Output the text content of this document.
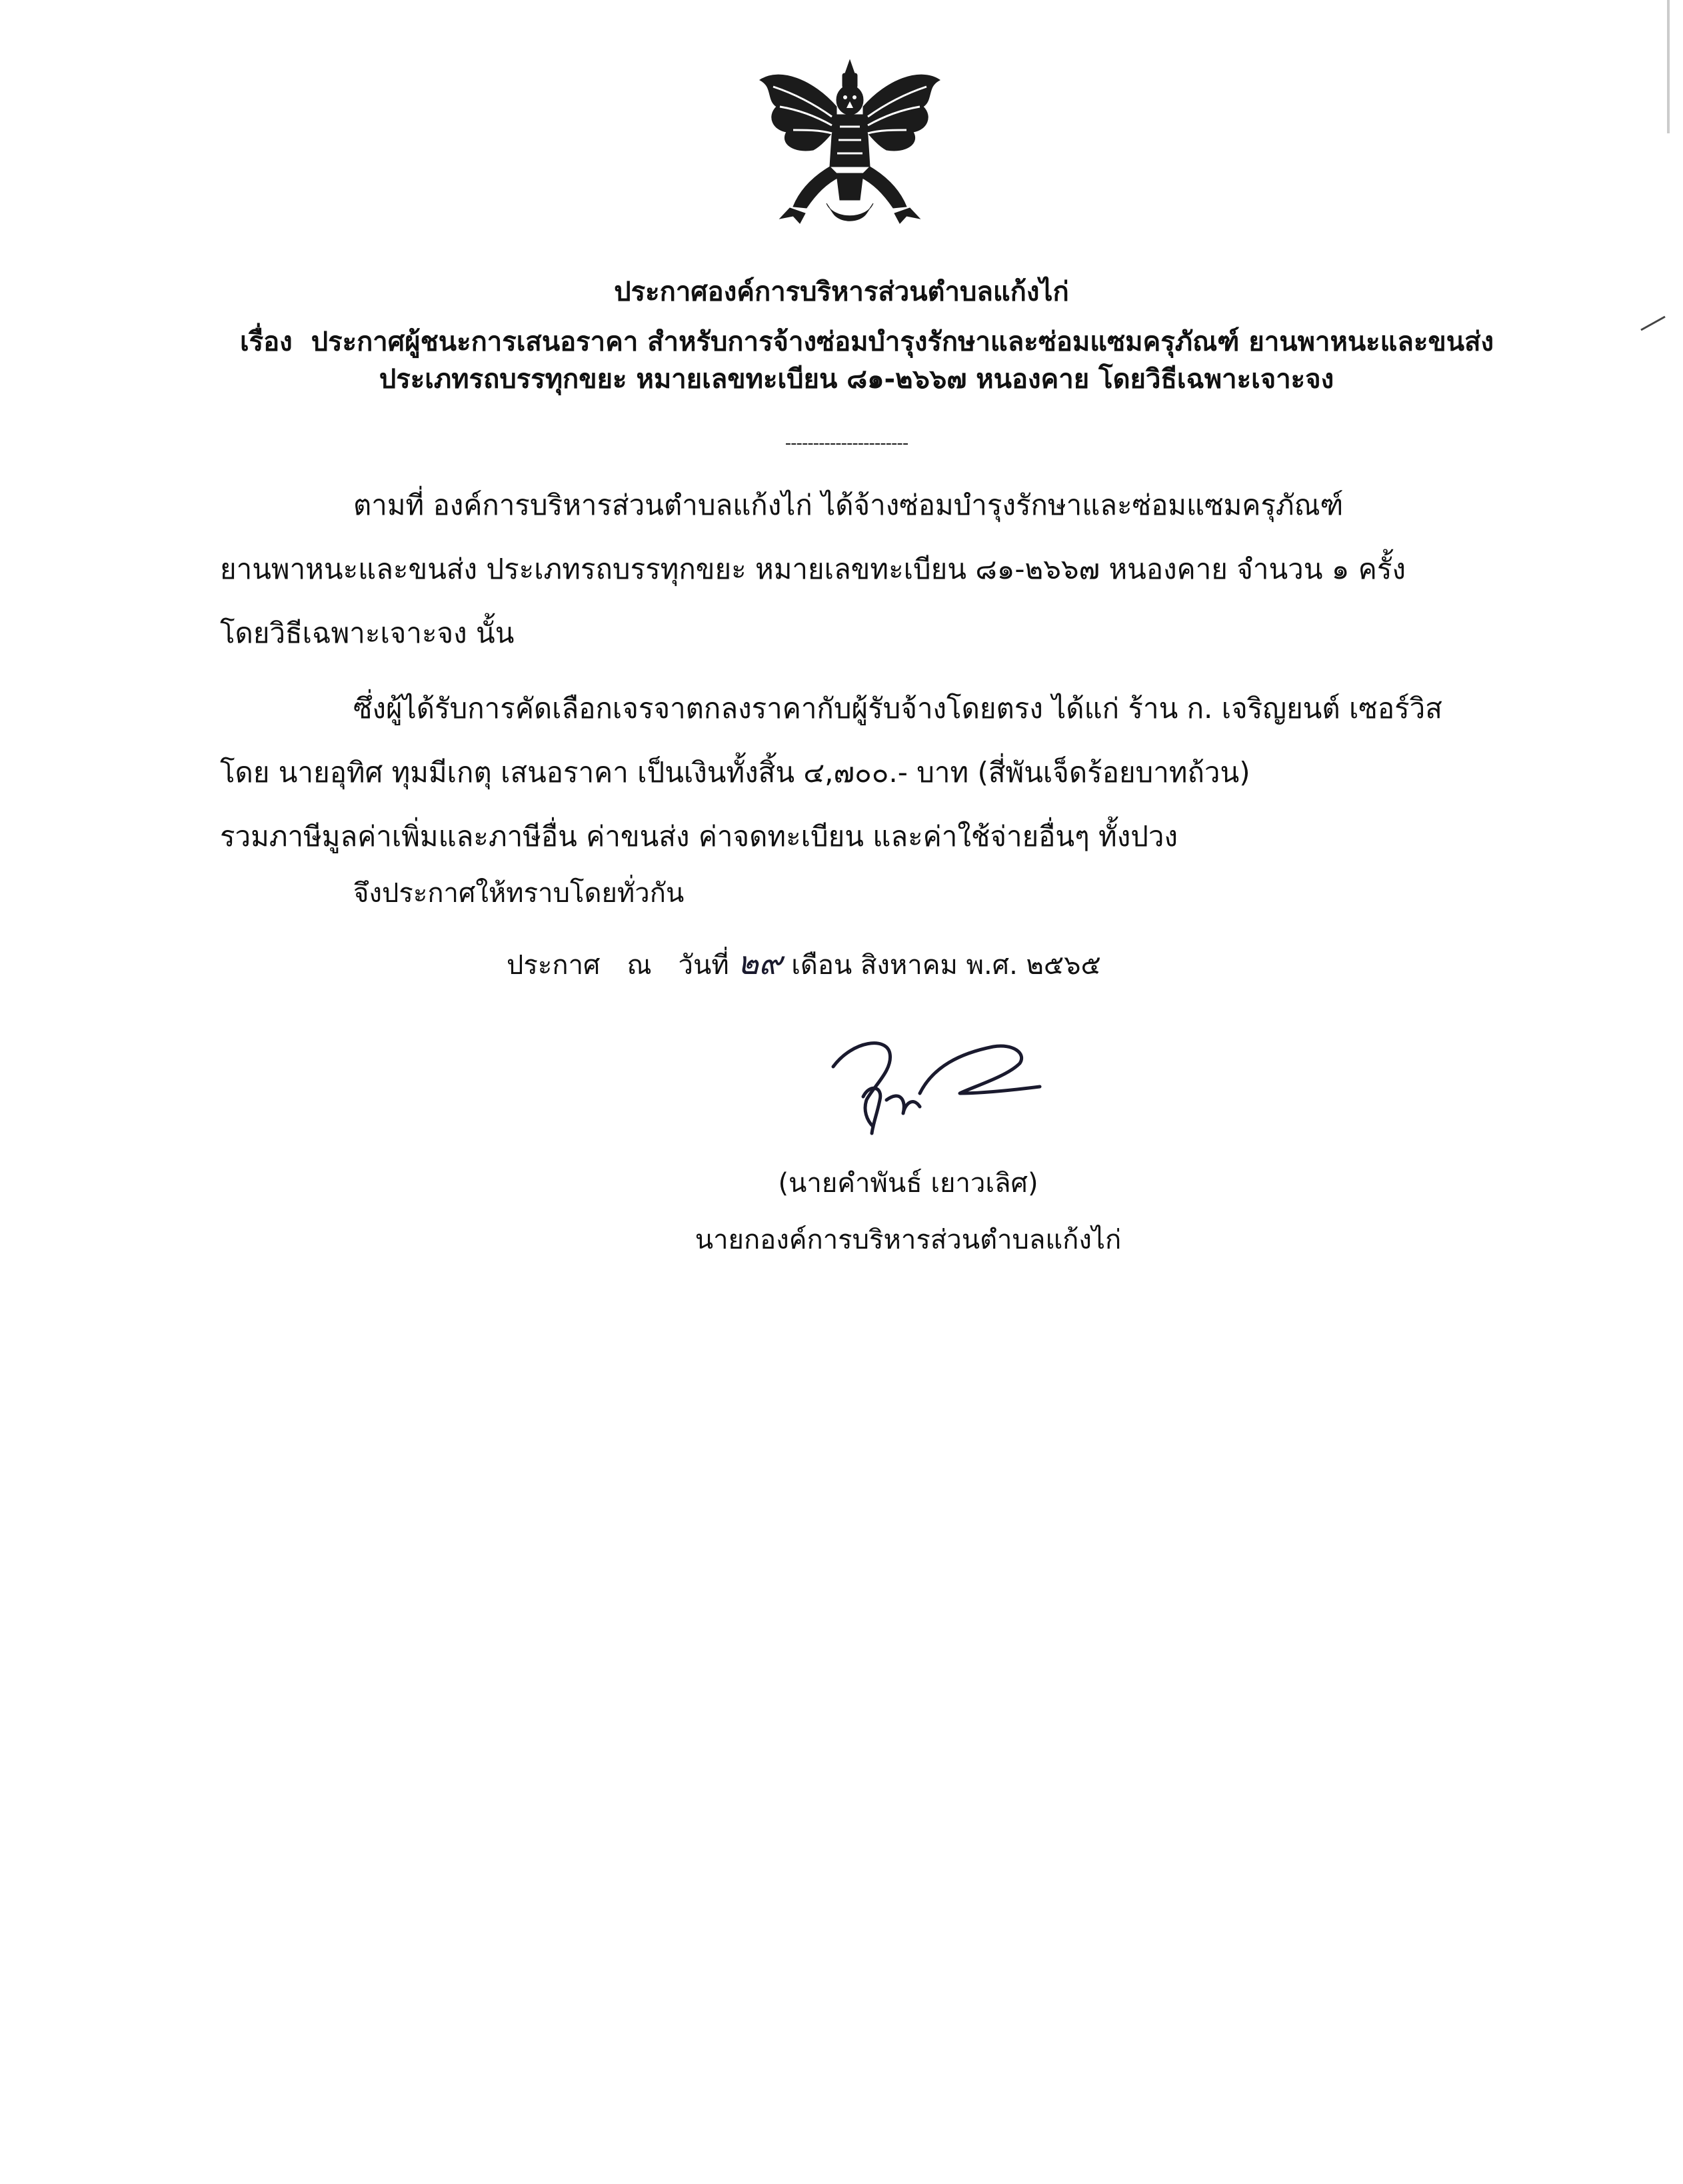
ประกาศองค์การบริหารส่วนตำบลแก้งไก่
เรื่อง ประกาศผู้ชนะการเสนอราคา สำหรับการจ้างซ่อมบำรุงรักษาและซ่อมแซมครุภัณฑ์ ยานพาหนะและขนส่ง
ประเภทรถบรรทุกขยะ หมายเลขทะเบียน ๘๑-๒๖๖๗ หนองคาย โดยวิธีเฉพาะเจาะจง
----------------------
ตามที่ องค์การบริหารส่วนตำบลแก้งไก่ ได้จ้างซ่อมบำรุงรักษาและซ่อมแซมครุภัณฑ์
ยานพาหนะและขนส่ง ประเภทรถบรรทุกขยะ หมายเลขทะเบียน ๘๑-๒๖๖๗ หนองคาย จำนวน ๑ ครั้ง
โดยวิธีเฉพาะเจาะจง นั้น
ซึ่งผู้ได้รับการคัดเลือกเจรจาตกลงราคากับผู้รับจ้างโดยตรง ได้แก่ ร้าน ก. เจริญยนต์ เซอร์วิส
โดย นายอุทิศ ทุมมีเกตุ เสนอราคา เป็นเงินทั้งสิ้น ๔,๗๐๐.- บาท (สี่พันเจ็ดร้อยบาทถ้วน)
รวมภาษีมูลค่าเพิ่มและภาษีอื่น ค่าขนส่ง ค่าจดทะเบียน และค่าใช้จ่ายอื่นๆ ทั้งปวง
จึงประกาศให้ทราบโดยทั่วกัน
ประกาศ ณ วันที่ ๒๙ เดือน สิงหาคม พ.ศ. ๒๕๖๕
(นายคำพันธ์ เยาวเลิศ)
นายกองค์การบริหารส่วนตำบลแก้งไก่
